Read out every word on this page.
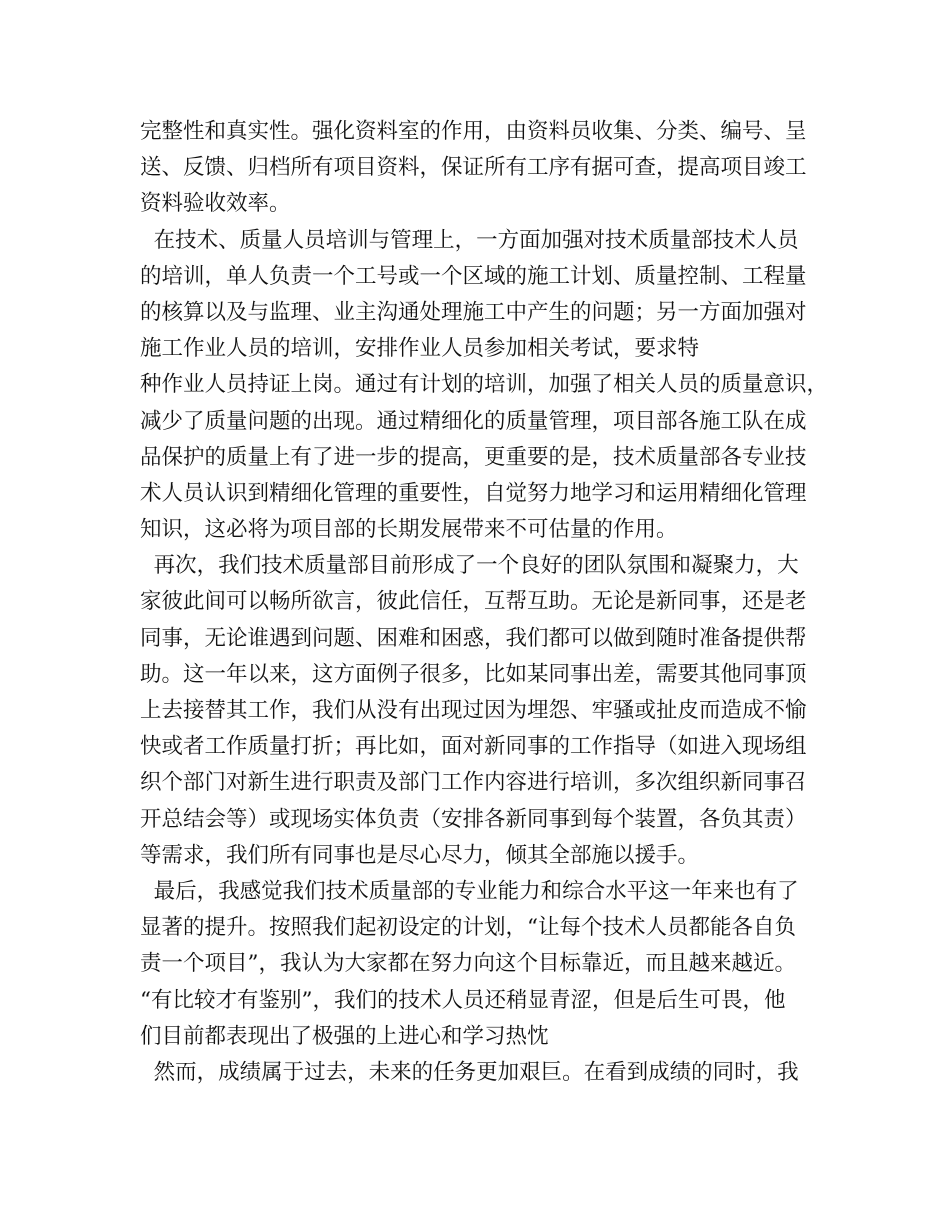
完整性和真实性。强化资料室的作用，由资料员收集、分类、编号、呈
送、反馈、归档所有项目资料，保证所有工序有据可查，提高项目竣工
资料验收效率。
在技术、质量人员培训与管理上，一方面加强对技术质量部技术人员
的培训，单人负责一个工号或一个区域的施工计划、质量控制、工程量
的核算以及与监理、业主沟通处理施工中产生的问题；另一方面加强对
施工作业人员的培训，安排作业人员参加相关考试，要求特
种作业人员持证上岗。通过有计划的培训，加强了相关人员的质量意识，
减少了质量问题的出现。通过精细化的质量管理，项目部各施工队在成
品保护的质量上有了进一步的提高，更重要的是，技术质量部各专业技
术人员认识到精细化管理的重要性，自觉努力地学习和运用精细化管理
知识，这必将为项目部的长期发展带来不可估量的作用。
再次，我们技术质量部目前形成了一个良好的团队氛围和凝聚力，大
家彼此间可以畅所欲言，彼此信任，互帮互助。无论是新同事，还是老
同事，无论谁遇到问题、困难和困惑，我们都可以做到随时准备提供帮
助。这一年以来，这方面例子很多，比如某同事出差，需要其他同事顶
上去接替其工作，我们从没有出现过因为埋怨、牢骚或扯皮而造成不愉
快或者工作质量打折；再比如，面对新同事的工作指导（如进入现场组
织个部门对新生进行职责及部门工作内容进行培训，多次组织新同事召
开总结会等）或现场实体负责（安排各新同事到每个装置，各负其责）
等需求，我们所有同事也是尽心尽力，倾其全部施以援手。
最后，我感觉我们技术质量部的专业能力和综合水平这一年来也有了
显著的提升。按照我们起初设定的计划，“让每个技术人员都能各自负
责一个项目”，我认为大家都在努力向这个目标靠近，而且越来越近。
“有比较才有鉴别”，我们的技术人员还稍显青涩，但是后生可畏，他
们目前都表现出了极强的上进心和学习热忱
然而，成绩属于过去，未来的任务更加艰巨。在看到成绩的同时，我
